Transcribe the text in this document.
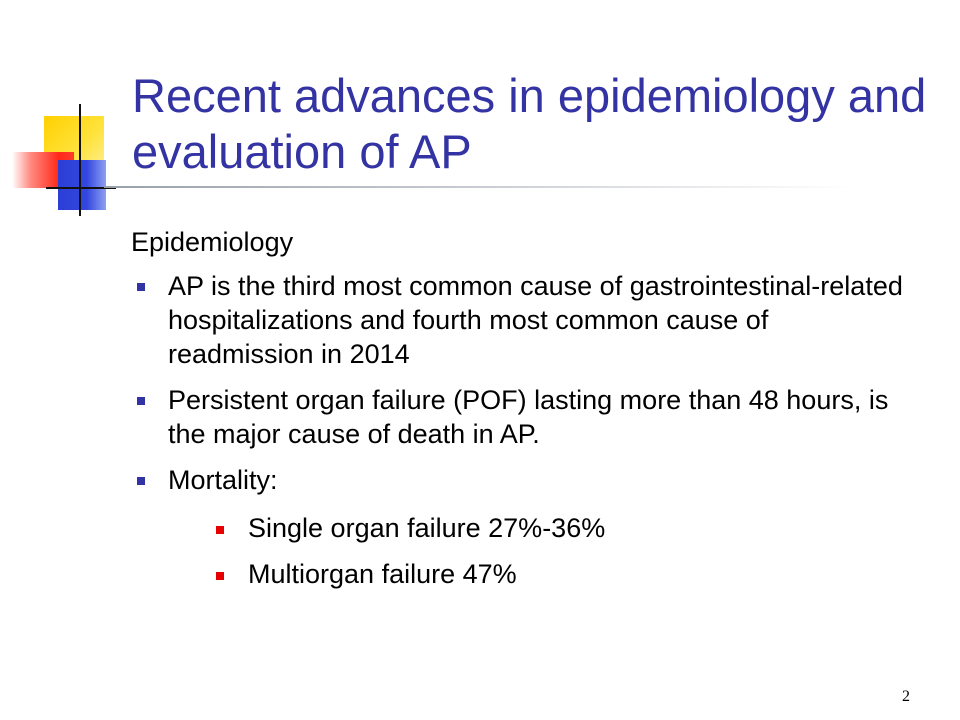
Recent advances in epidemiology and evaluation of AP

Epidemiology

AP is the third most common cause of gastrointestinal-related hospitalizations and fourth most common cause of readmission in 2014
Persistent organ failure (POF) lasting more than 48 hours, is the major cause of death in AP.
Mortality:
Single organ failure 27%-36%
Multiorgan failure 47%
2
